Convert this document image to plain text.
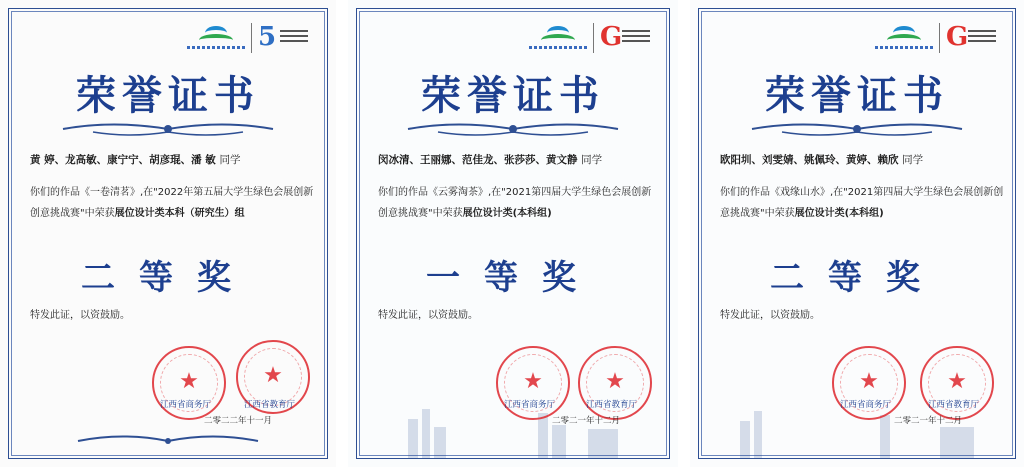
5
荣誉证书
黄 婷、龙高敏、康宁宁、胡彦琨、潘 敏 同学
你们的作品《一卷清茗》,在"2022年第五届大学生绿色会展创新创意挑战赛"中荣获展位设计类本科（研究生）组
二等奖
特发此证，以资鼓励。
★	★
江西省商务厅	江西省教育厅
二零二二年十一月
G
荣誉证书
闵冰清、王丽娜、范佳龙、张莎莎、黄文静 同学
你们的作品《云雾淘茶》,在"2021第四届大学生绿色会展创新创意挑战赛"中荣获展位设计类(本科组)
一等奖
特发此证，以资鼓励。
★	★
江西省商务厅	江西省教育厅
二零二一年十二月
G
荣誉证书
欧阳圳、刘雯婧、姚佩玲、黄婷、赖欣 同学
你们的作品《戏缘山水》,在"2021第四届大学生绿色会展创新创意挑战赛"中荣获展位设计类(本科组)
二等奖
特发此证，以资鼓励。
★	★
江西省商务厅	江西省教育厅
二零二一年十二月
